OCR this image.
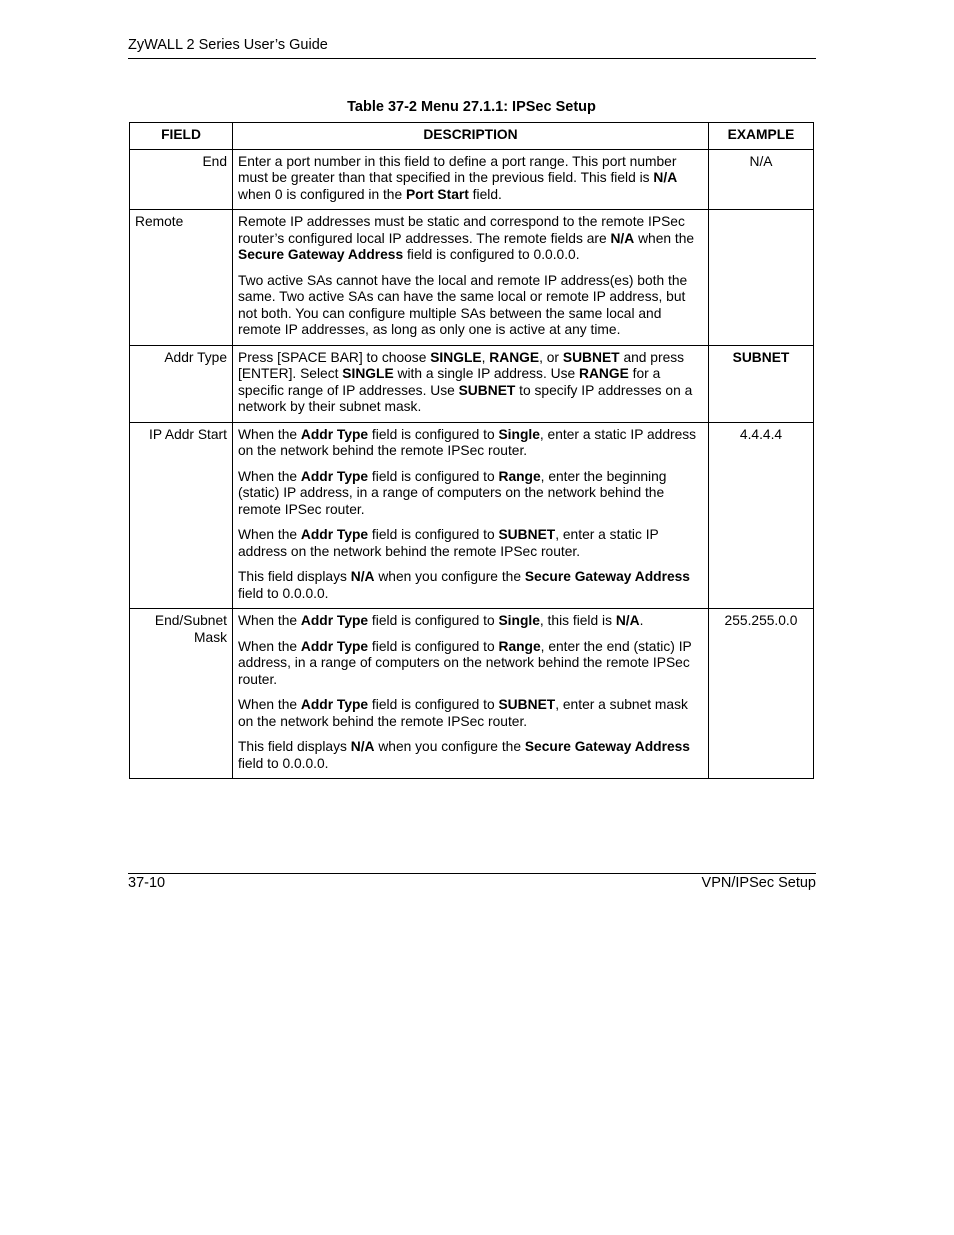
ZyWALL 2 Series User’s Guide
Table 37-2 Menu 27.1.1: IPSec Setup
FIELD	DESCRIPTION	EXAMPLE
End	Enter a port number in this field to define a port range. This port number must be greater than that specified in the previous field. This field is N/A when 0 is configured in the Port Start field.	N/A
Remote	Remote IP addresses must be static and correspond to the remote IPSec router’s configured local IP addresses. The remote fields are N/A when the Secure Gateway Address field is configured to 0.0.0.0.

Two active SAs cannot have the local and remote IP address(es) both the same. Two active SAs can have the same local or remote IP address, but not both. You can configure multiple SAs between the same local and remote IP addresses, as long as only one is active at any time.	

Addr Type	Press [SPACE BAR] to choose SINGLE, RANGE, or SUBNET and press [ENTER]. Select SINGLE with a single IP address. Use RANGE for a specific range of IP addresses. Use SUBNET to specify IP addresses on a network by their subnet mask.	SUBNET
IP Addr Start	When the Addr Type field is configured to Single, enter a static IP address on the network behind the remote IPSec router.

When the Addr Type field is configured to Range, enter the beginning (static) IP address, in a range of computers on the network behind the remote IPSec router.

When the Addr Type field is configured to SUBNET, enter a static IP address on the network behind the remote IPSec router.

This field displays N/A when you configure the Secure Gateway Address field to 0.0.0.0.	4.4.4.4
End/Subnet Mask	When the Addr Type field is configured to Single, this field is N/A.

When the Addr Type field is configured to Range, enter the end (static) IP address, in a range of computers on the network behind the remote IPSec router.

When the Addr Type field is configured to SUBNET, enter a subnet mask on the network behind the remote IPSec router.

This field displays N/A when you configure the Secure Gateway Address field to 0.0.0.0.	255.255.0.0
37-10	VPN/IPSec Setup
